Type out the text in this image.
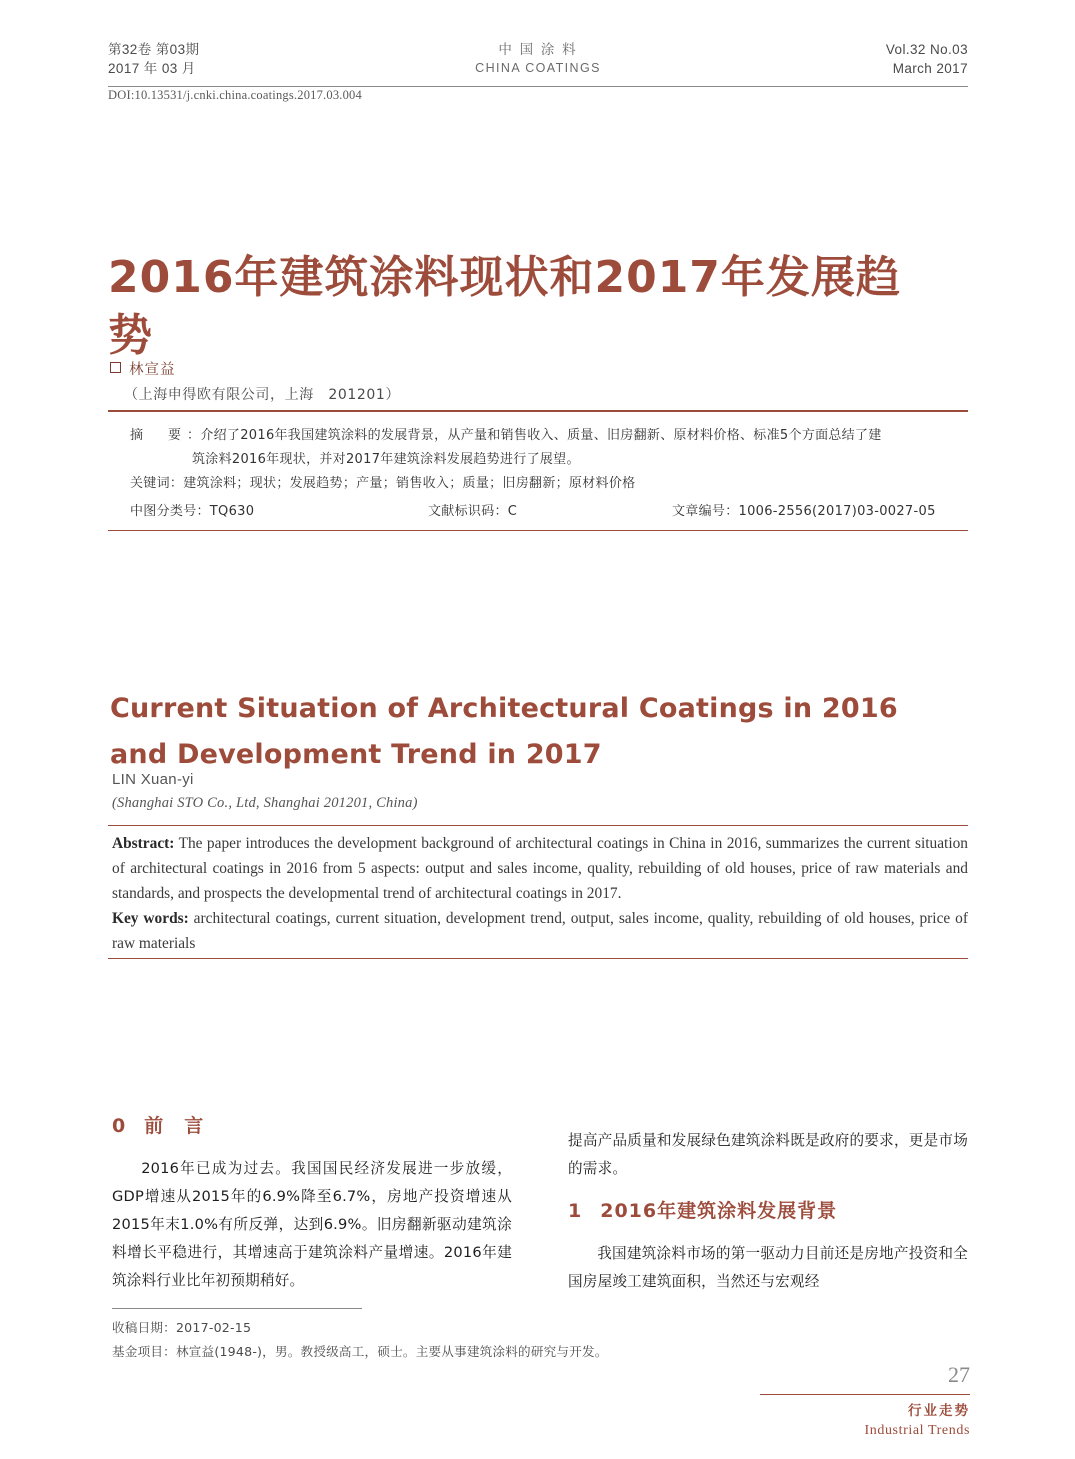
第32卷 第03期
2017 年 03 月
中 国 涂 料
CHINA COATINGS
Vol.32 No.03
March 2017
DOI:10.13531/j.cnki.china.coatings.2017.03.004
2016年建筑涂料现状和2017年发展趋势
林宣益
（上海申得欧有限公司，上海　201201）
摘　要：介绍了2016年我国建筑涂料的发展背景，从产量和销售收入、质量、旧房翻新、原材料价格、标准5个方面总结了建
筑涂料2016年现状，并对2017年建筑涂料发展趋势进行了展望。
关键词：建筑涂料；现状；发展趋势；产量；销售收入；质量；旧房翻新；原材料价格
中图分类号：TQ630	文献标识码：C	文章编号：1006-2556(2017)03-0027-05
Current Situation of Architectural Coatings in 2016 and Development Trend in 2017
LIN Xuan-yi
(Shanghai STO Co., Ltd, Shanghai 201201, China)
Abstract: The paper introduces the development background of architectural coatings in China in 2016, summarizes the current situation of architectural coatings in 2016 from 5 aspects: output and sales income, quality, rebuilding of old houses, price of raw materials and standards, and prospects the developmental trend of architectural coatings in 2017.
Key words: architectural coatings, current situation, development trend, output, sales income, quality, rebuilding of old houses, price of raw materials
0 前　言

2016年已成为过去。我国国民经济发展进一步放缓，GDP增速从2015年的6.9%降至6.7%，房地产投资增速从2015年末1.0%有所反弹，达到6.9%。旧房翻新驱动建筑涂料增长平稳进行，其增速高于建筑涂料产量增速。2016年建筑涂料行业比年初预期稍好。

提高产品质量和发展绿色建筑涂料既是政府的要求，更是市场的需求。

1 2016年建筑涂料发展背景

我国建筑涂料市场的第一驱动力目前还是房地产投资和全国房屋竣工建筑面积，当然还与宏观经

收稿日期：2017-02-15
基金项目：林宣益(1948-)，男。教授级高工，硕士。主要从事建筑涂料的研究与开发。
27
行业走势
Industrial Trends
